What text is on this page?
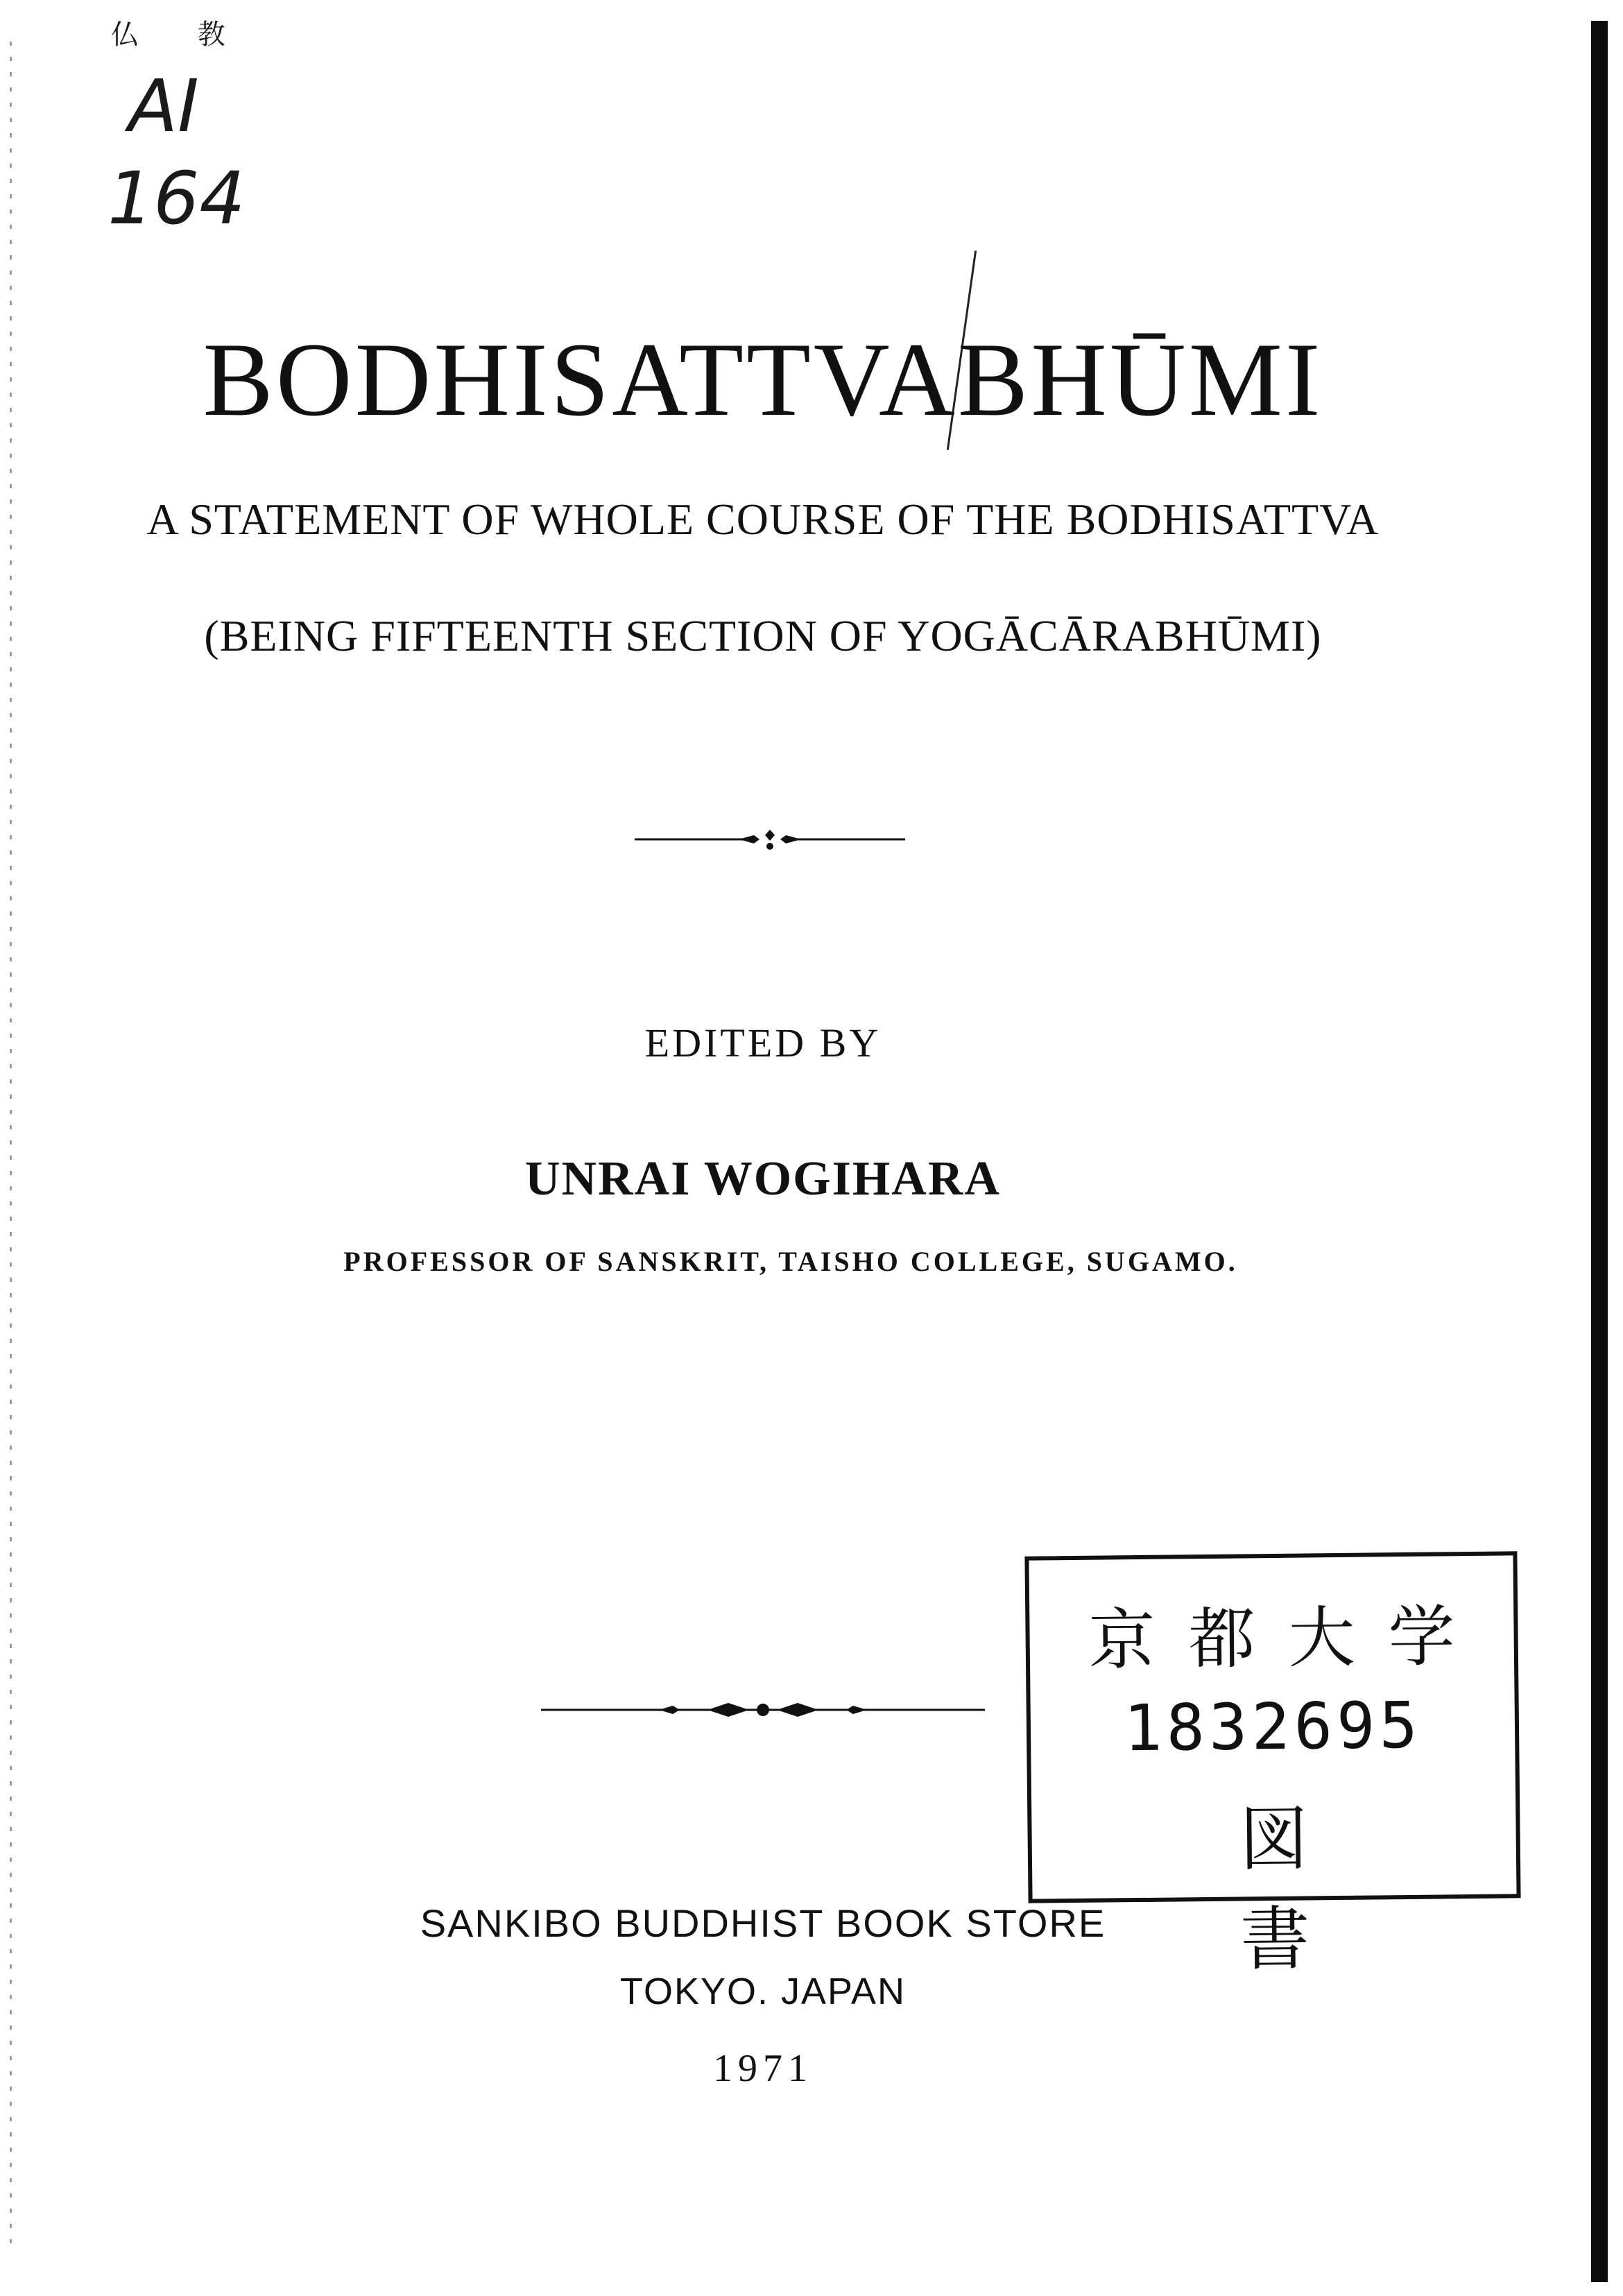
仏 教
AI
164
BODHISATTVABHŪMI
A STATEMENT OF WHOLE COURSE OF THE BODHISATTVA
(BEING FIFTEENTH SECTION OF YOGĀCĀRABHŪMI)
EDITED BY
UNRAI WOGIHARA
PROFESSOR OF SANSKRIT, TAISHO COLLEGE, SUGAMO.
京都大学
1832695
図書
SANKIBO BUDDHIST BOOK STORE
TOKYO. JAPAN
1971
